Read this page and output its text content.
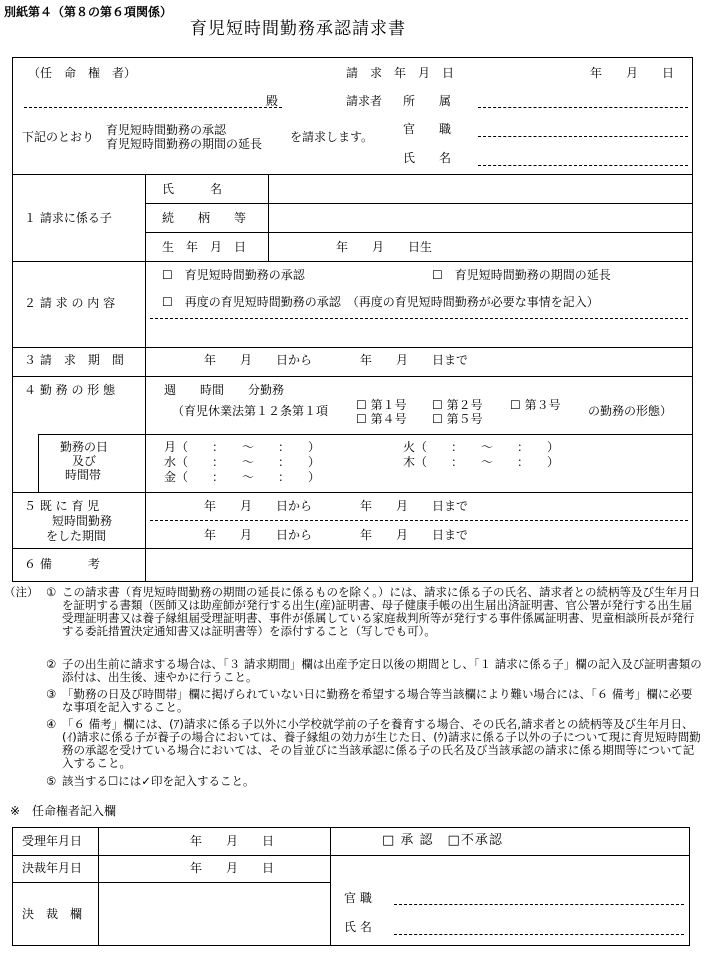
別紙第４（第８の第６項関係）
育児短時間勤務承認請求書
（任　命　権　者）
殿
請　求　年　月　日	年　　月　　日
請求者 所　　属
官　　職
氏　　名
下記のとおり 育児短時間勤務の承認
育児短時間勤務の期間の延長 を請求します。
１ 請求に係る子
氏　　　名
続　　柄　　等
生　年　月　日	年　　月　　日生
２ 請 求 の 内 容
☐　育児短時間勤務の承認	☐　育児短時間勤務の期間の延長
☐　再度の育児短時間勤務の承認　（再度の育児短時間勤務が必要な事情を記入）
３ 請　求　期　間	年　　月　　日から　　　　年　　月　　日まで
４ 勤 務 の 形 態	週　　時間　　分勤務
（育児休業法第１２条第１項 ☐ 第１号 ☐ 第２号 ☐ 第３号
☐ 第４号 ☐ 第５号
の勤務の形態）
勤務の日
及び
時間帯
月（　　：　　～　　：　　）	火（　　：　　～　　：　　）
水（　　：　　～　　：　　）	木（　　：　　～　　：　　）
金（　　：　　～　　：　　）
５ 既 に 育 児
短時間勤務
をした期間
年　　月　　日から　　　　年　　月　　日まで
年　　月　　日から　　　　年　　月　　日まで
６ 備　　　考
（注） ① この請求書（育児短時間勤務の期間の延長に係るものを除く。）には、請求に係る子の氏名、請求者との続柄等及び生年月日を証明する書類（医師又は助産師が発行する出生(産)証明書、母子健康手帳の出生届出済証明書、官公署が発行する出生届受理証明書又は養子縁組届受理証明書、事件が係属している家庭裁判所等が発行する事件係属証明書、児童相談所長が発行する委託措置決定通知書又は証明書等）を添付すること（写しでも可）。
② 子の出生前に請求する場合は、「３ 請求期間」欄は出産予定日以後の期間とし、「１ 請求に係る子」欄の記入及び証明書類の添付は、出生後、速やかに行うこと。
③ 「勤務の日及び時間帯」欄に掲げられていない日に勤務を希望する場合等当該欄により難い場合には、「６ 備考」欄に必要な事項を記入すること。
④ 「６ 備考」欄には、(ｱ)請求に係る子以外に小学校就学前の子を養育する場合、その氏名,請求者との続柄等及び生年月日、(ｲ)請求に係る子が養子の場合においては、養子縁組の効力が生じた日、(ｳ)請求に係る子以外の子について現に育児短時間勤務の承認を受けている場合においては、その旨並びに当該承認に係る子の氏名及び当該承認の請求に係る期間等について記入すること。
⑤ 該当する☐には✓印を記入すること。
※　任命権者記入欄
受理年月日	年　　月　　日
決裁年月日	年　　月　　日
決　裁　欄
□ 承 認　□不承認
官 職
氏 名
